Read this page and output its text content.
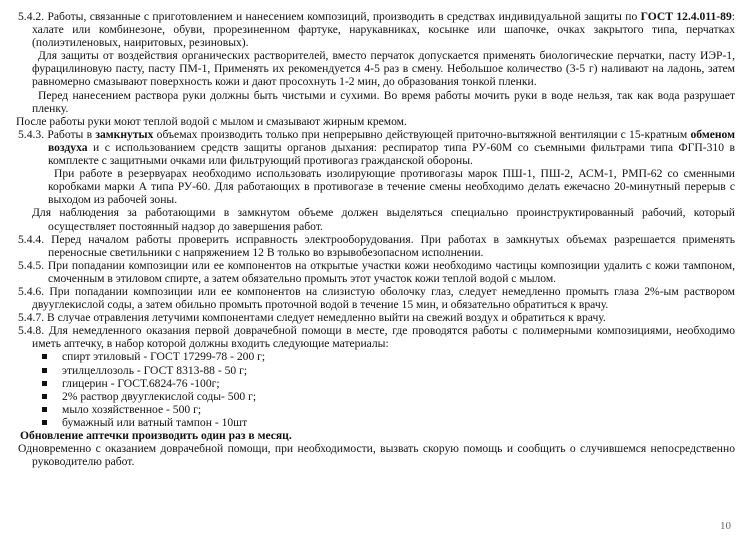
5.4.2. Работы, связанные с приготовлением и нанесением композиций, производить в средствах индивидуальной защиты по ГОСТ 12.4.011-89: халате или комбинезоне, обуви, прорезиненном фартуке, нарукавниках, косынке или шапочке, очках закрытого типа, перчатках (полиэтиленовых, наиритовых, резиновых).

Для защиты от воздействия органических растворителей, вместо перчаток допускается применять биологические перчатки, пасту ИЭР-1, фурацилиновую пасту, пасту ПМ-1, Применять их рекомендуется 4-5 раз в смену. Небольшое количество (3-5 г) наливают на ладонь, затем равномерно смазывают поверхность кожи и дают просохнуть 1-2 мин, до образования тонкой пленки.

Перед нанесением раствора руки должны быть чистыми и сухими. Во время работы мочить руки в воде нельзя, так как вода разрушает пленку.

После работы руки моют теплой водой с мылом и смазывают жирным кремом.

5.4.3. Работы в замкнутых объемах производить только при непрерывно действующей приточно-вытяжной вентиляции с 15-кратным обменом воздуха и с использованием средств защиты органов дыхания: респиратор типа РУ-60М со съемными фильтрами типа ФГП-310 в комплекте с защитными очками или фильтрующий противогаз гражданской обороны.

При работе в резервуарах необходимо использовать изолирующие противогазы марок ПШ-1, ПШ-2, АСМ-1, РМП-62 со сменными коробками марки А типа РУ-60. Для работающих в противогазе в течение смены необходимо делать ежечасно 20-минутный перерыв с выходом из рабочей зоны.

Для наблюдения за работающими в замкнутом объеме должен выделяться специально проинструктированный рабочий, который осуществляет постоянный надзор до завершения работ.

5.4.4. Перед началом работы проверить исправность электрооборудования. При работах в замкнутых объемах разрешается применять переносные светильники с напряжением 12 В только во взрывобезопасном исполнении.

5.4.5. При попадании композиции или ее компонентов на открытые участки кожи необходимо частицы композиции удалить с кожи тампоном, смоченным в этиловом спирте, а затем обязательно промыть этот участок кожи теплой водой с мылом.

5.4.6. При попадании композиции или ее компонентов на слизистую оболочку глаз, следует немедленно промыть глаза 2%-ым раствором двууглекислой соды, а затем обильно промыть проточной водой в течение 15 мин, и обязательно обратиться к врачу.

5.4.7. В случае отравления летучими компонентами следует немедленно выйти на свежий воздух и обратиться к врачу.

5.4.8. Для немедленного оказания первой доврачебной помощи в месте, где проводятся работы с полимерными композициями, необходимо иметь аптечку, в набор которой должны входить следующие материалы:

спирт этиловый - ГОСТ 17299-78 - 200 г;
этилцеллозоль - ГОСТ 8313-88 - 50 г;
глицерин - ГОСТ.6824-76 -100г;
2% раствор двууглекислой соды- 500 г;
мыло хозяйственное - 500 г;
бумажный или ватный тампон - 10шт

Обновление аптечки производить один раз в месяц.

Одновременно с оказанием доврачебной помощи, при необходимости, вызвать скорую помощь и сообщить о случившемся непосредственно руководителю работ.

10
